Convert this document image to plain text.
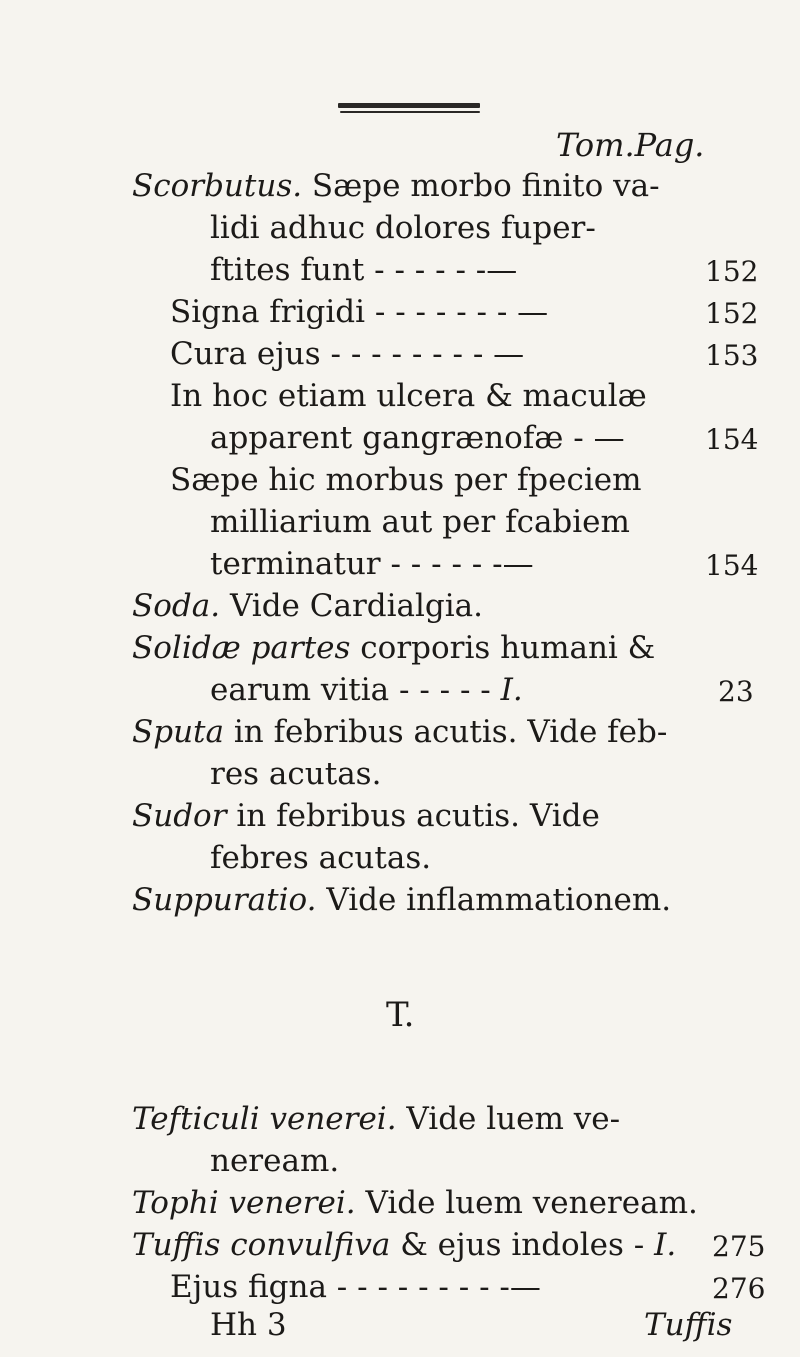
Tom.Pag.
Scorbutus. Sæpe morbo finito va-
lidi adhuc dolores fuper-
ftites funt - - - - - -—	152
Signa frigidi - - - - - - - —	152
Cura ejus - - - - - - - - —	153
In hoc etiam ulcera & maculæ
apparent gangrænofæ - —	154
Sæpe hic morbus per fpeciem
milliarium aut per fcabiem
terminatur - - - - - -—	154
Soda. Vide Cardialgia.
Solidæ partes corporis humani &
earum vitia - - - - - I.	23
Sputa in febribus acutis. Vide feb-
res acutas.
Sudor in febribus acutis. Vide
febres acutas.
Suppuratio. Vide inflammationem.
T.
Tefticuli venerei. Vide luem ve-
neream.
Tophi venerei. Vide luem veneream.
Tuffis convulfiva & ejus indoles - I. 275
Ejus figna - - - - - - - - -—	276
Hh 3	Tuffis
